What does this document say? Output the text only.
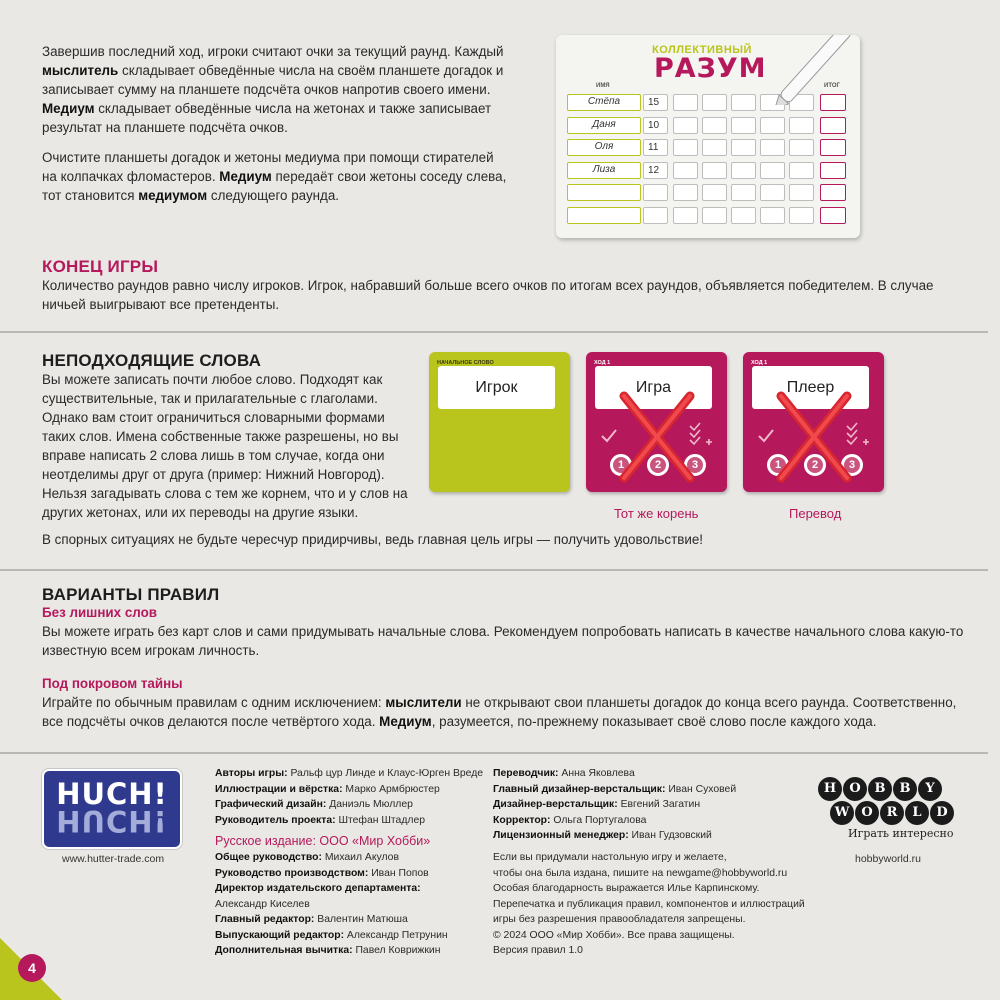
Завершив последний ход, игроки считают очки за текущий раунд. Каждый мыслитель складывает обведённые числа на своём планшете догадок и записывает сумму на планшете подсчёта очков напротив своего имени. Медиум складывает обведённые числа на жетонах и также записывает результат на планшете подсчёта очков.

Очистите планшеты догадок и жетоны медиума при помощи стирателей на колпачках фломастеров. Медиум передаёт свои жетоны соседу слева, тот становится медиумом следующего раунда.

КОЛЛЕКТИВНЫЙ
РАЗУМ
ИМЯ	ИТОГ
Стёпа	15
Даня	10
Оля	11
Лиза	12
КОНЕЦ ИГРЫ

Количество раундов равно числу игроков. Игрок, набравший больше всего очков по итогам всех раундов, объявляется победителем. В случае ничьей выигрывают все претенденты.

НЕПОДХОДЯЩИЕ СЛОВА

Вы можете записать почти любое слово. Подходят как существительные, так и прилагательные с глаголами. Однако вам стоит ограничиться словарными формами таких слов. Имена собственные также разрешены, но вы вправе написать 2 слова лишь в том случае, когда они неотделимы друг от друга (пример: Нижний Новгород). Нельзя загадывать слова с тем же корнем, что и у слов на других жетонах, или их переводы на другие языки.

НАЧАЛЬНОЕ СЛОВО
Игрок
ХОД 1
Игра
1	2	3
Тот же корень
ХОД 1
Плеер
1	2	3
Перевод

В спорных ситуациях не будьте чересчур придирчивы, ведь главная цель игры — получить удовольствие!

ВАРИАНТЫ ПРАВИЛ
Без лишних слов

Вы можете играть без карт слов и сами придумывать начальные слова. Рекомендуем попробовать написать в качестве начального слова какую-то известную всем игрокам личность.

Под покровом тайны

Играйте по обычным правилам с одним исключением: мыслители не открывают свои планшеты догадок до конца всего раунда. Соответственно, все подсчёты очков делаются после четвёртого хода. Медиум, разумеется, по-прежнему показывает своё слово после каждого хода.

HUCH!
HUCH!
www.hutter-trade.com
Авторы игры: Ральф цур Линде и Клаус-Юрген Вреде
Иллюстрации и вёрстка: Марко Армбрюстер
Графический дизайн: Даниэль Мюллер
Руководитель проекта: Штефан Штадлер
Русское издание: ООО «Мир Хобби»
Общее руководство: Михаил Акулов
Руководство производством: Иван Попов
Директор издательского департамента:
Александр Киселев
Главный редактор: Валентин Матюша
Выпускающий редактор: Александр Петрунин
Дополнительная вычитка: Павел Коврижкин
Переводчик: Анна Яковлева
Главный дизайнер-верстальщик: Иван Суховей
Дизайнер-верстальщик: Евгений Загатин
Корректор: Ольга Португалова
Лицензионный менеджер: Иван Гудзовский
Если вы придумали настольную игру и желаете,
чтобы она была издана, пишите на newgame@hobbyworld.ru
Особая благодарность выражается Илье Карпинскому.
Перепечатка и публикация правил, компонентов и иллюстраций
игры без разрешения правообладателя запрещены.
© 2024 ООО «Мир Хобби». Все права защищены.
Версия правил 1.0
H	O	B	B	Y
W O	R	L	D
Играть интересно
hobbyworld.ru
4
